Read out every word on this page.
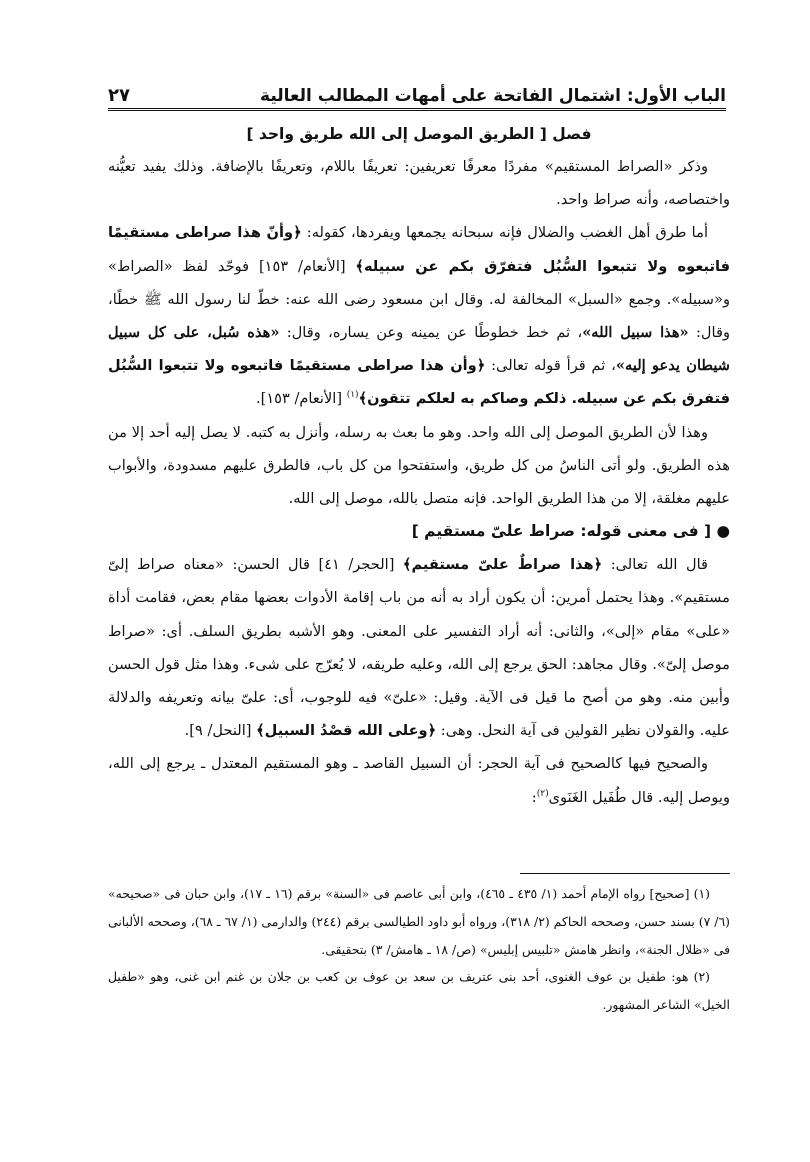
الباب الأول: اشتمال الفاتحة على أمهات المطالب العالية
٢٧

فصل [ الطريق الموصل إلى الله طريق واحد ]

وذكر «الصراط المستقيم» مفردًا معرفًا تعريفين: تعريفًا باللام، وتعريفًا بالإضافة. وذلك يفيد تعيُّنه واختصاصه، وأنه صراط واحد.

أما طرق أهل الغضب والضلال فإنه سبحانه يجمعها ويفردها، كقوله: ﴿وأنّ هذا صراطى مستقيمًا فاتبعوه ولا تتبعوا السُّبُل فتفرّق بكم عن سبيله﴾ [الأنعام/ ١٥٣] فوحّد لفظ «الصراط» و«سبيله». وجمع «السبل» المخالفة له. وقال ابن مسعود رضى الله عنه: خطّ لنا رسول الله ﷺ خطًا، وقال: «هذا سبيل الله»، ثم خط خطوطًا عن يمينه وعن يساره، وقال: «هذه سُبل، على كل سبيل شيطان يدعو إليه»، ثم قرأ قوله تعالى: ﴿وأن هذا صراطى مستقيمًا فاتبعوه ولا تتبعوا السُّبُل فتفرق بكم عن سبيله. ذلكم وصاكم به لعلكم تتقون﴾$^{(١)}$ [الأنعام/ ١٥٣].

وهذا لأن الطريق الموصل إلى الله واحد. وهو ما بعث به رسله، وأنزل به كتبه. لا يصل إليه أحد إلا من هذه الطريق. ولو أتى الناسُ من كل طريق، واستفتحوا من كل باب، فالطرق عليهم مسدودة، والأبواب عليهم مغلقة، إلا من هذا الطريق الواحد. فإنه متصل بالله، موصل إلى الله.

● [ فى معنى قوله: صراط علىّ مستقيم ]

قال الله تعالى: ﴿هذا صراطٌ علىّ مستقيم﴾ [الحجر/ ٤١] قال الحسن: «معناه صراط إلىّ مستقيم». وهذا يحتمل أمرين: أن يكون أراد به أنه من باب إقامة الأدوات بعضها مقام بعض، فقامت أداة «على» مقام «إلى»، والثانى: أنه أراد التفسير على المعنى. وهو الأشبه بطريق السلف. أى: «صراط موصل إلىّ». وقال مجاهد: الحق يرجع إلى الله، وعليه طريقه، لا يُعرّج على شىء. وهذا مثل قول الحسن وأبين منه. وهو من أصح ما قيل فى الآية. وقيل: «علىّ» فيه للوجوب، أى: علىّ بيانه وتعريفه والدلالة عليه. والقولان نظير القولين فى آية النحل. وهى: ﴿وعلى الله قصْدُ السبيل﴾ [النحل/ ٩].

والصحيح فيها كالصحيح فى آية الحجر: أن السبيل القاصد ـ وهو المستقيم المعتدل ـ يرجع إلى الله، ويوصل إليه. قال طُفَيل الغَنَوى$^{(٢)}$:

(١) [صحيح] رواه الإمام أحمد (١/ ٤٣٥ ـ ٤٦٥)، وابن أبى عاصم فى «السنة» برقم (١٦ ـ ١٧)، وابن حبان فى «صحيحه» (٦/ ٧) بسند حسن، وصححه الحاكم (٢/ ٣١٨)، ورواه أبو داود الطيالسى برقم (٢٤٤) والدارمى (١/ ٦٧ ـ ٦٨)، وصححه الألبانى فى «ظلال الجنة»، وانظر هامش «تلبيس إبليس» (ص/ ١٨ ـ هامش/ ٣) بتحقيقى.

(٢) هو: طفيل بن عوف الغنوى، أحد بنى عتريف بن سعد بن عوف بن كعب بن جلان بن غنم ابن غنى، وهو «طفيل الخيل» الشاعر المشهور.
